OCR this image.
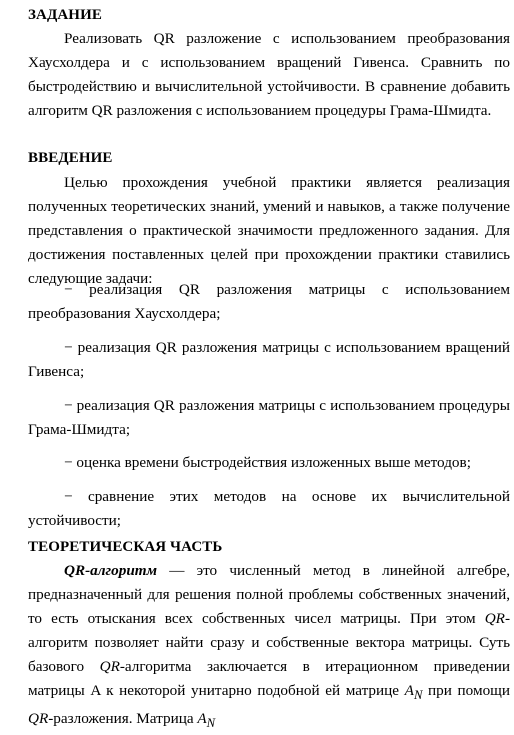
ЗАДАНИЕ
Реализовать QR разложение с использованием преобразования Хаусхолдера и с использованием вращений Гивенса. Сравнить по быстродействию и вычислительной устойчивости. В сравнение добавить алгоритм QR разложения с использованием процедуры Грама-Шмидта.
ВВЕДЕНИЕ
Целью прохождения учебной практики является реализация полученных теоретических знаний, умений и навыков, а также получение представления о практической значимости предложенного задания. Для достижения поставленных целей при прохождении практики ставились следующие задачи:
− реализация QR разложения матрицы с использованием преобразования Хаусхолдера;
− реализация QR разложения матрицы с использованием вращений Гивенса;
− реализация QR разложения матрицы с использованием процедуры Грама-Шмидта;
− оценка времени быстродействия изложенных выше методов;
− сравнение этих методов на основе их вычислительной устойчивости;
ТЕОРЕТИЧЕСКАЯ ЧАСТЬ
QR-алгоритм — это численный метод в линейной алгебре, предназначенный для решения полной проблемы собственных значений, то есть отыскания всех собственных чисел матрицы. При этом QR-алгоритм позволяет найти сразу и собственные вектора матрицы. Суть базового QR-алгоритма заключается в итерационном приведении матрицы A к некоторой унитарно подобной ей матрице $A_N$ при помощи QR-разложения. Матрица $A_N$
